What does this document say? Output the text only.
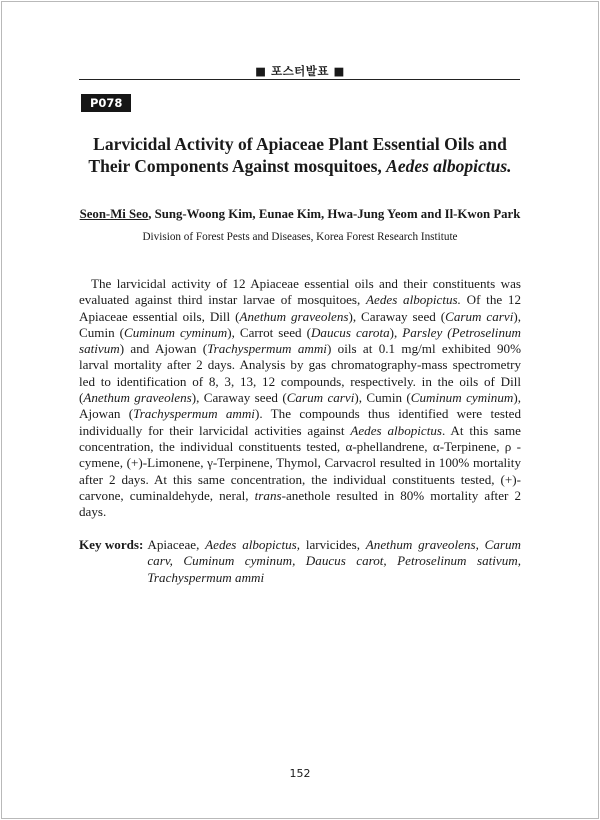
■ 포스터발표 ■
P078
Larvicidal Activity of Apiaceae Plant Essential Oils and Their Components Against mosquitoes, Aedes albopictus.
Seon-Mi Seo, Sung-Woong Kim, Eunae Kim, Hwa-Jung Yeom and Il-Kwon Park
Division of Forest Pests and Diseases, Korea Forest Research Institute
The larvicidal activity of 12 Apiaceae essential oils and their constituents was evaluated against third instar larvae of mosquitoes, Aedes albopictus. Of the 12 Apiaceae essential oils, Dill (Anethum graveolens), Caraway seed (Carum carvi), Cumin (Cuminum cyminum), Carrot seed (Daucus carota), Parsley (Petroselinum sativum) and Ajowan (Trachyspermum ammi) oils at 0.1 mg/ml exhibited 90% larval mortality after 2 days. Analysis by gas chromatography-mass spectrometry led to identification of 8, 3, 13, 12 compounds, respectively. in the oils of Dill (Anethum graveolens), Caraway seed (Carum carvi), Cumin (Cuminum cyminum), Ajowan (Trachyspermum ammi). The compounds thus identified were tested individually for their larvicidal activities against Aedes albopictus. At this same concentration, the individual constituents tested, α-phellandrene, α-Terpinene, ρ -cymene, (+)-Limonene, γ-Terpinene, Thymol, Carvacrol resulted in 100% mortality after 2 days. At this same concentration, the individual constituents tested, (+)-carvone, cuminaldehyde, neral, trans-anethole resulted in 80% mortality after 2 days.
Key words: Apiaceae, Aedes albopictus, larvicides, Anethum graveolens, Carum carv, Cuminum cyminum, Daucus carot, Petroselinum sativum, Trachyspermum ammi
152
